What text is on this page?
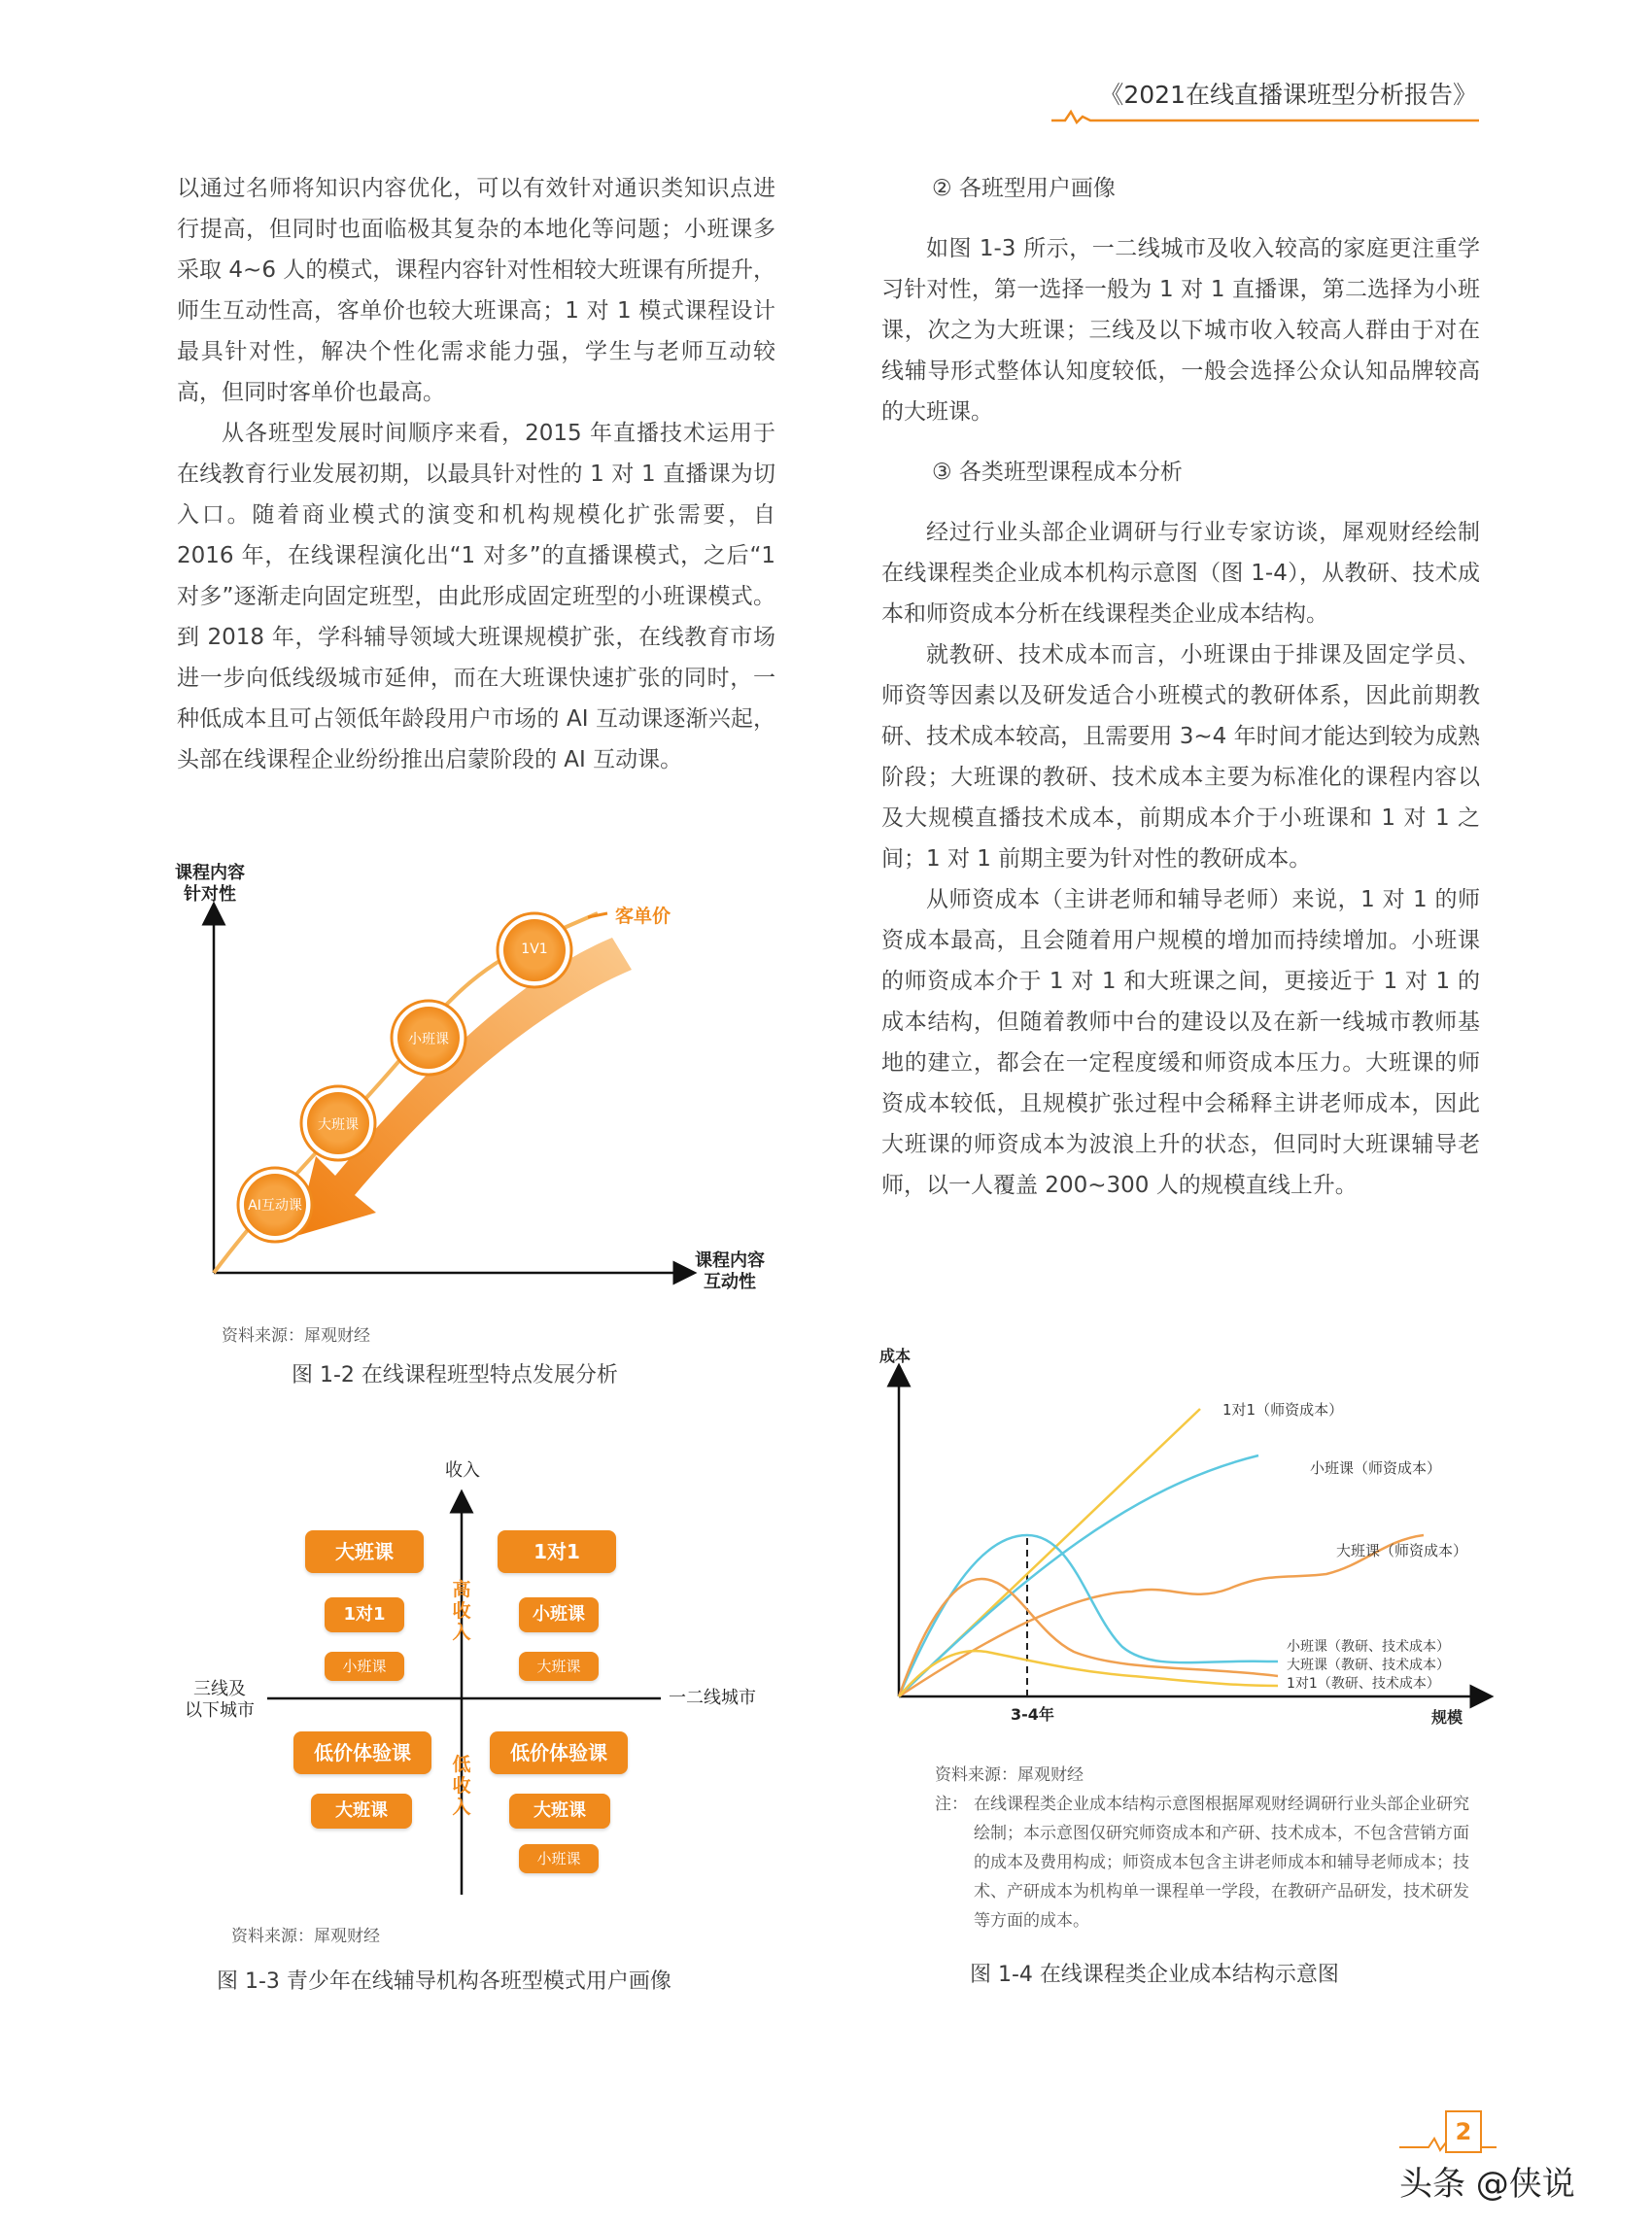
《2021在线直播课班型分析报告》

以通过名师将知识内容优化，可以有效针对通识类知识点进行提高，但同时也面临极其复杂的本地化等问题；小班课多采取 4~6 人的模式，课程内容针对性相较大班课有所提升，师生互动性高，客单价也较大班课高；1 对 1 模式课程设计最具针对性，解决个性化需求能力强，学生与老师互动较高，但同时客单价也最高。

从各班型发展时间顺序来看，2015 年直播技术运用于在线教育行业发展初期，以最具针对性的 1 对 1 直播课为切入口。随着商业模式的演变和机构规模化扩张需要，自 2016 年，在线课程演化出“1 对多”的直播课模式，之后“1 对多”逐渐走向固定班型，由此形成固定班型的小班课模式。到 2018 年，学科辅导领域大班课规模扩张，在线教育市场进一步向低线级城市延伸，而在大班课快速扩张的同时，一种低成本且可占领低年龄段用户市场的 AI 互动课逐渐兴起，头部在线课程企业纷纷推出启蒙阶段的 AI 互动课。

② 各班型用户画像

如图 1-3 所示，一二线城市及收入较高的家庭更注重学习针对性，第一选择一般为 1 对 1 直播课，第二选择为小班课，次之为大班课；三线及以下城市收入较高人群由于对在线辅导形式整体认知度较低，一般会选择公众认知品牌较高的大班课。

③ 各类班型课程成本分析

经过行业头部企业调研与行业专家访谈，犀观财经绘制在线课程类企业成本机构示意图（图 1-4），从教研、技术成本和师资成本分析在线课程类企业成本结构。

就教研、技术成本而言，小班课由于排课及固定学员、师资等因素以及研发适合小班模式的教研体系，因此前期教研、技术成本较高，且需要用 3~4 年时间才能达到较为成熟阶段；大班课的教研、技术成本主要为标准化的课程内容以及大规模直播技术成本，前期成本介于小班课和 1 对 1 之间；1 对 1 前期主要为针对性的教研成本。

从师资成本（主讲老师和辅导老师）来说，1 对 1 的师资成本最高，且会随着用户规模的增加而持续增加。小班课的师资成本介于 1 对 1 和大班课之间，更接近于 1 对 1 的成本结构，但随着教师中台的建设以及在新一线城市教师基地的建立，都会在一定程度缓和师资成本压力。大班课的师资成本较低，且规模扩张过程中会稀释主讲老师成本，因此大班课的师资成本为波浪上升的状态，但同时大班课辅导老师，以一人覆盖 200~300 人的规模直线上升。

课程内容
针对性
课程内容
互动性
客单价
AI互动课
大班课
小班课
1V1
2020年
2019年
2016年
2013年
资料来源：犀观财经
图 1-2 在线课程班型特点发展分析
收入
三线及
以下城市
一二线城市
高收入
低收入
大班课
1对1
小班课
1对1
小班课
大班课
低价体验课
大班课
低价体验课
大班课
小班课
资料来源：犀观财经
图 1-3 青少年在线辅导机构各班型模式用户画像
成本
规模
3-4年
1对1（师资成本）
小班课（师资成本）
大班课（师资成本）
小班课（教研、技术成本）
大班课（教研、技术成本）
1对1（教研、技术成本）
资料来源：犀观财经
注： 在线课程类企业成本结构示意图根据犀观财经调研行业头部企业研究绘制；本示意图仅研究师资成本和产研、技术成本，不包含营销方面的成本及费用构成；师资成本包含主讲老师成本和辅导老师成本；技术、产研成本为机构单一课程单一学段，在教研产品研发，技术研发等方面的成本。
图 1-4 在线课程类企业成本结构示意图
2
头条 @侠说
